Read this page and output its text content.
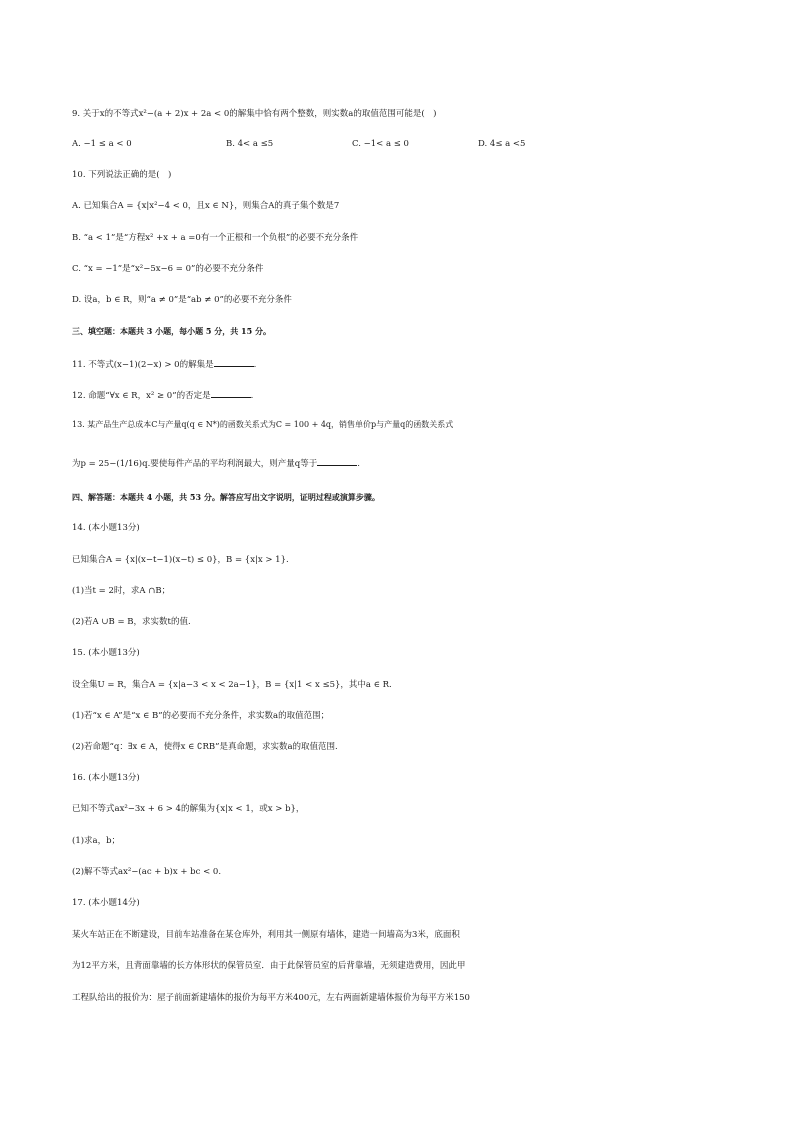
9. 关于x的不等式x²−(a + 2)x + 2a < 0的解集中恰有两个整数，则实数a的取值范围可能是(　)
A. −1 ≤ a < 0	B. 4< a ≤5	C. −1< a ≤ 0	D. 4≤ a <5
10. 下列说法正确的是(　)
A. 已知集合A = {x|x²−4 < 0，且x ∈ N}，则集合A的真子集个数是7
B. “a < 1”是“方程x² +x + a =0有一个正根和一个负根”的必要不充分条件
C. “x = −1”是“x²−5x−6 = 0”的必要不充分条件
D. 设a，b ∈ R，则“a ≠ 0”是“ab ≠ 0”的必要不充分条件
三、填空题：本题共 3 小题，每小题 5 分，共 15 分。
11. 不等式(x−1)(2−x) > 0的解集是	.
12. 命题“∀x ∈ R，x² ≥ 0”的否定是	.
13. 某产品生产总成本C与产量q(q ∈ N*)的函数关系式为C = 100 + 4q，销售单价p与产量q的函数关系式
为p = 25−(1/16)q.要使每件产品的平均利润最大，则产量q等于	.
四、解答题：本题共 4 小题，共 53 分。解答应写出文字说明，证明过程或演算步骤。
14. (本小题13分)
已知集合A = {x|(x−t−1)(x−t) ≤ 0}，B = {x|x > 1}.
(1)当t = 2时，求A ∩B；
(2)若A ∪B = B，求实数t的值.
15. (本小题13分)
设全集U = R，集合A = {x|a−3 < x < 2a−1}，B = {x|1 < x ≤5}，其中a ∈ R.
(1)若“x ∈ A”是“x ∈ B”的必要而不充分条件，求实数a的取值范围；
(2)若命题“q：∃x ∈ A，使得x ∈ ∁RB”是真命题，求实数a的取值范围.
16. (本小题13分)
已知不等式ax²−3x + 6 > 4的解集为{x|x < 1，或x > b}，
(1)求a，b；
(2)解不等式ax²−(ac + b)x + bc < 0.
17. (本小题14分)
某火车站正在不断建设，目前车站准备在某仓库外，利用其一侧原有墙体，建造一间墙高为3米，底面积
为12平方米，且背面靠墙的长方体形状的保管员室．由于此保管员室的后背靠墙，无须建造费用，因此甲
工程队给出的报价为：屋子前面新建墙体的报价为每平方米400元，左右两面新建墙体报价为每平方米150
